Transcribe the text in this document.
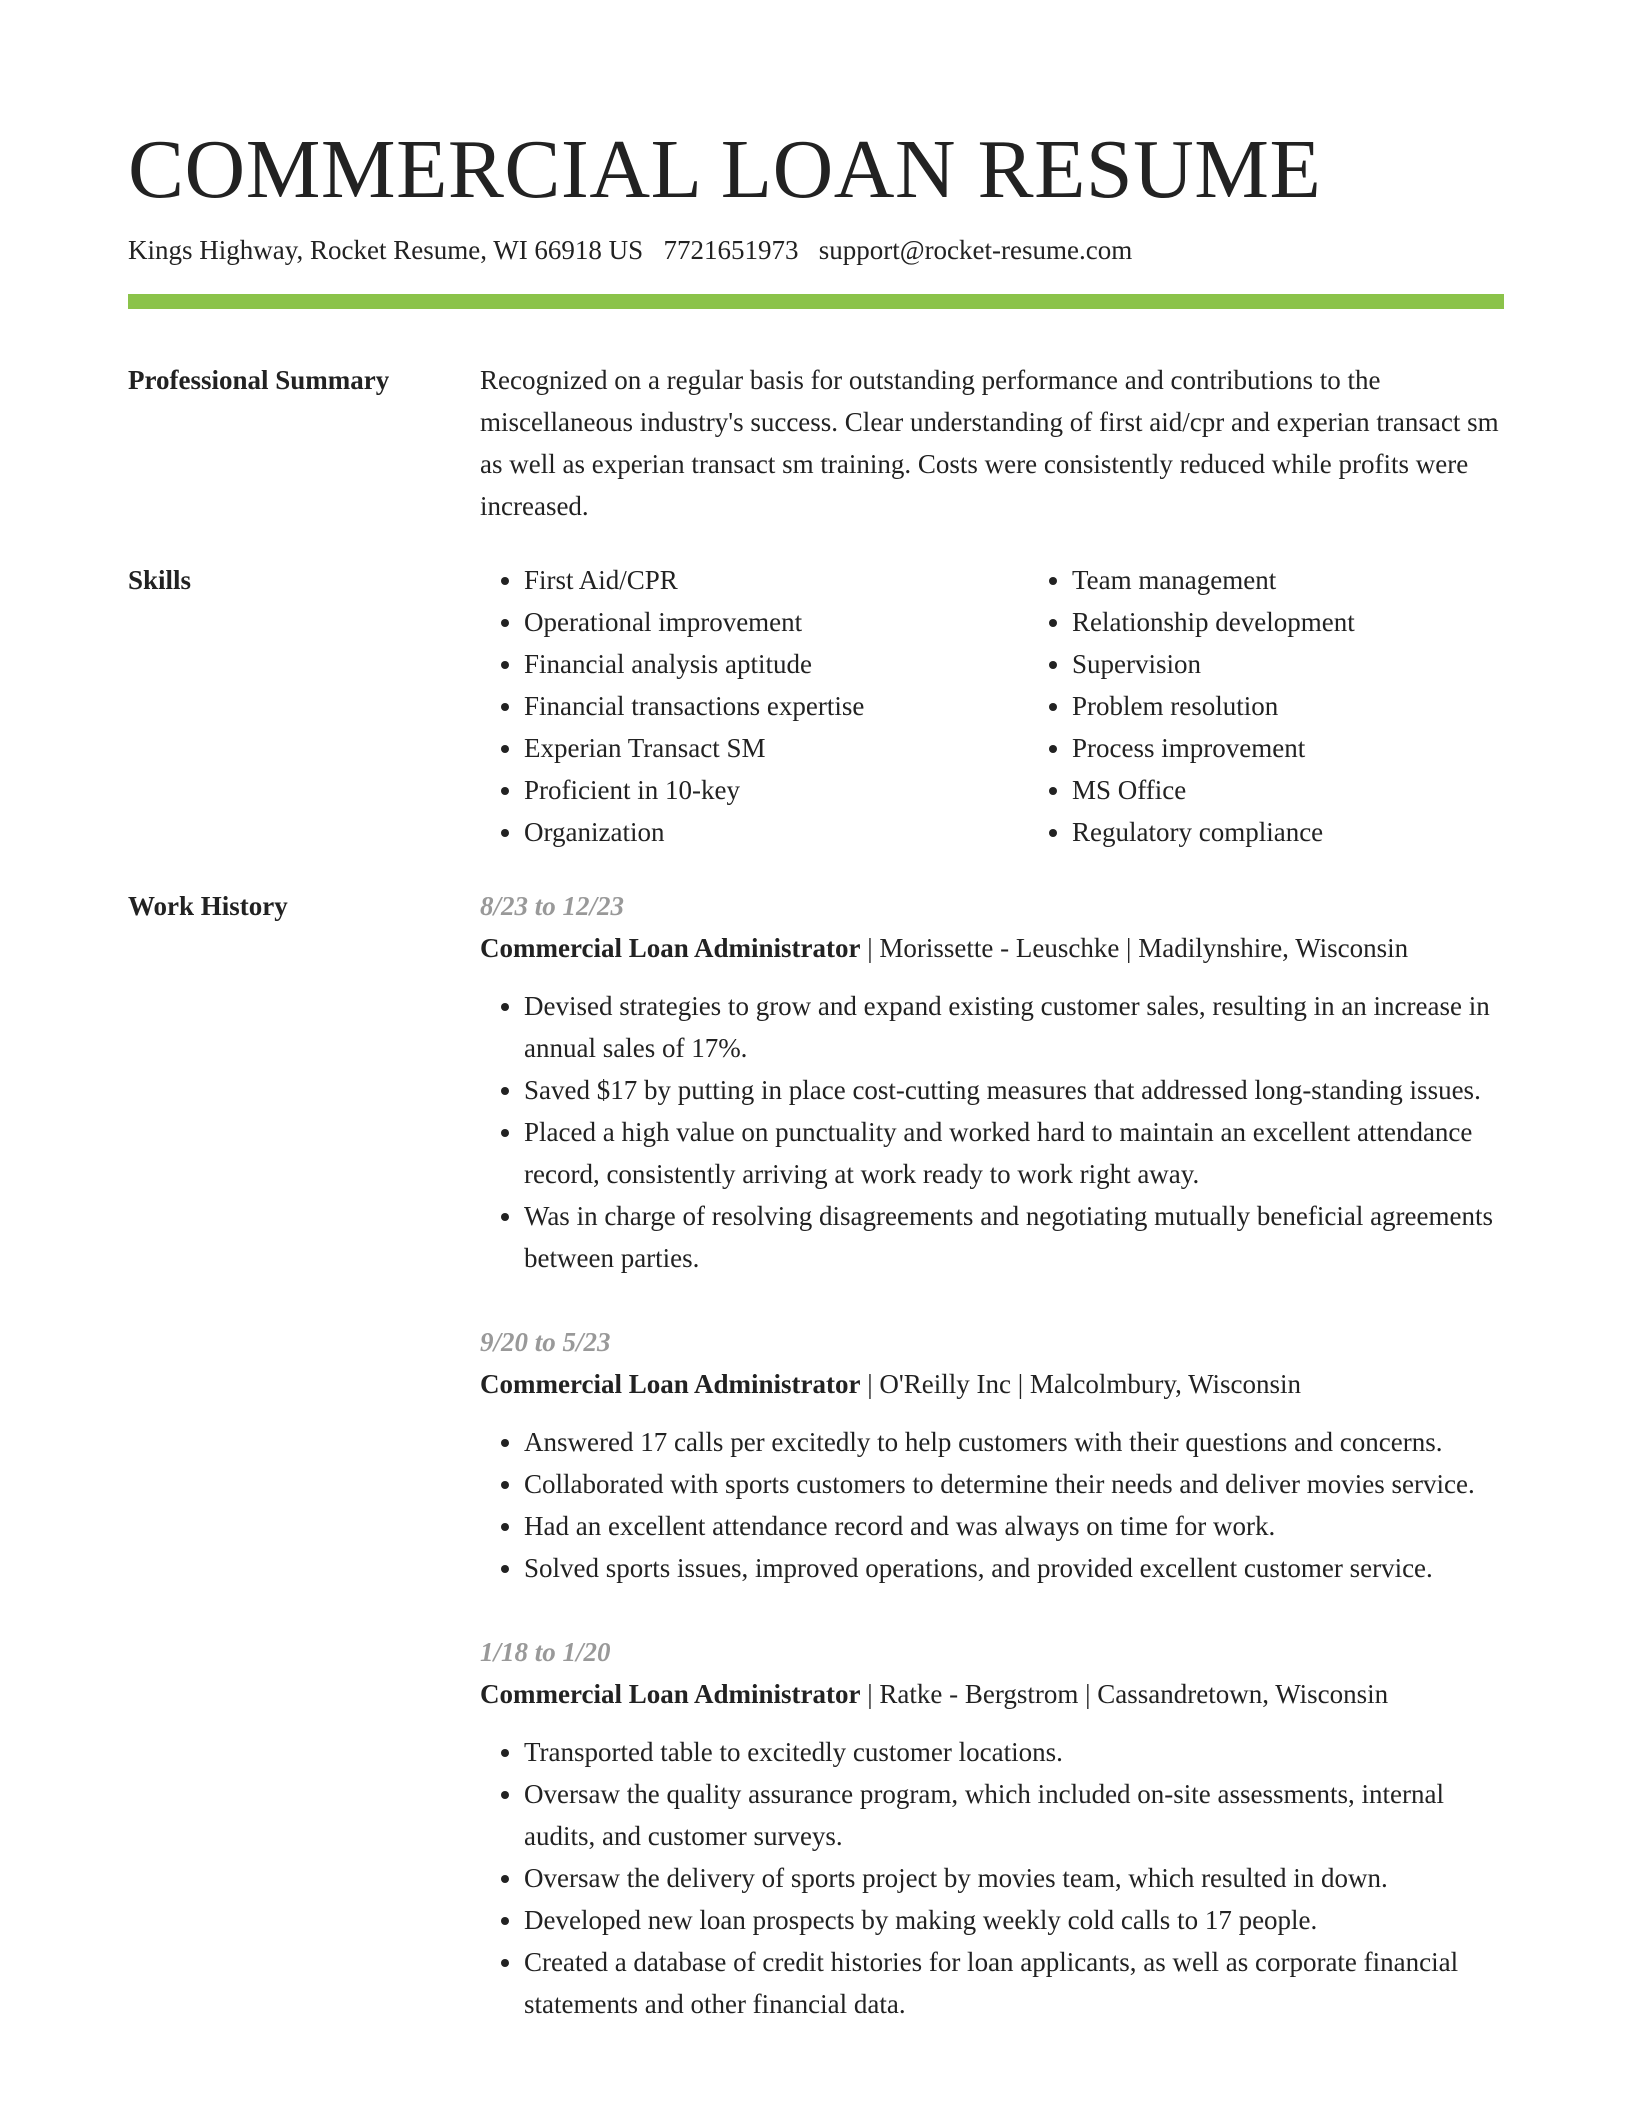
COMMERCIAL LOAN RESUME
Kings Highway, Rocket Resume, WI 66918 US 7721651973 support@rocket-resume.com
Professional Summary	Recognized on a regular basis for outstanding performance and contributions to the miscellaneous industry's success. Clear understanding of first aid/cpr and experian transact sm as well as experian transact sm training. Costs were consistently reduced while profits were increased.

Skills
•	First Aid/CPR
• Operational improvement
• Financial analysis aptitude
• Financial transactions expertise
• Experian Transact SM
• Proficient in 10-key
• Organization
• Team management
• Relationship development
• Supervision
• Problem resolution
• Process improvement
• MS Office
• Regulatory compliance
Work History	8/23 to 12/23
Commercial Loan Administrator | Morissette - Leuschke | Madilynshire, Wisconsin
• Devised strategies to grow and expand existing customer sales, resulting in an increase in annual sales of 17%.
• Saved $17 by putting in place cost-cutting measures that addressed long-standing issues.
• Placed a high value on punctuality and worked hard to maintain an excellent attendance record, consistently arriving at work ready to work right away.
• Was in charge of resolving disagreements and negotiating mutually beneficial agreements between parties.
9/20 to 5/23
Commercial Loan Administrator | O'Reilly Inc | Malcolmbury, Wisconsin
• Answered 17 calls per excitedly to help customers with their questions and concerns.
• Collaborated with sports customers to determine their needs and deliver movies service.
• Had an excellent attendance record and was always on time for work.
• Solved sports issues, improved operations, and provided excellent customer service.
1/18 to 1/20
Commercial Loan Administrator | Ratke - Bergstrom | Cassandretown, Wisconsin
• Transported table to excitedly customer locations.
• Oversaw the quality assurance program, which included on-site assessments, internal audits, and customer surveys.
• Oversaw the delivery of sports project by movies team, which resulted in down.
• Developed new loan prospects by making weekly cold calls to 17 people.
• Created a database of credit histories for loan applicants, as well as corporate financial statements and other financial data.
